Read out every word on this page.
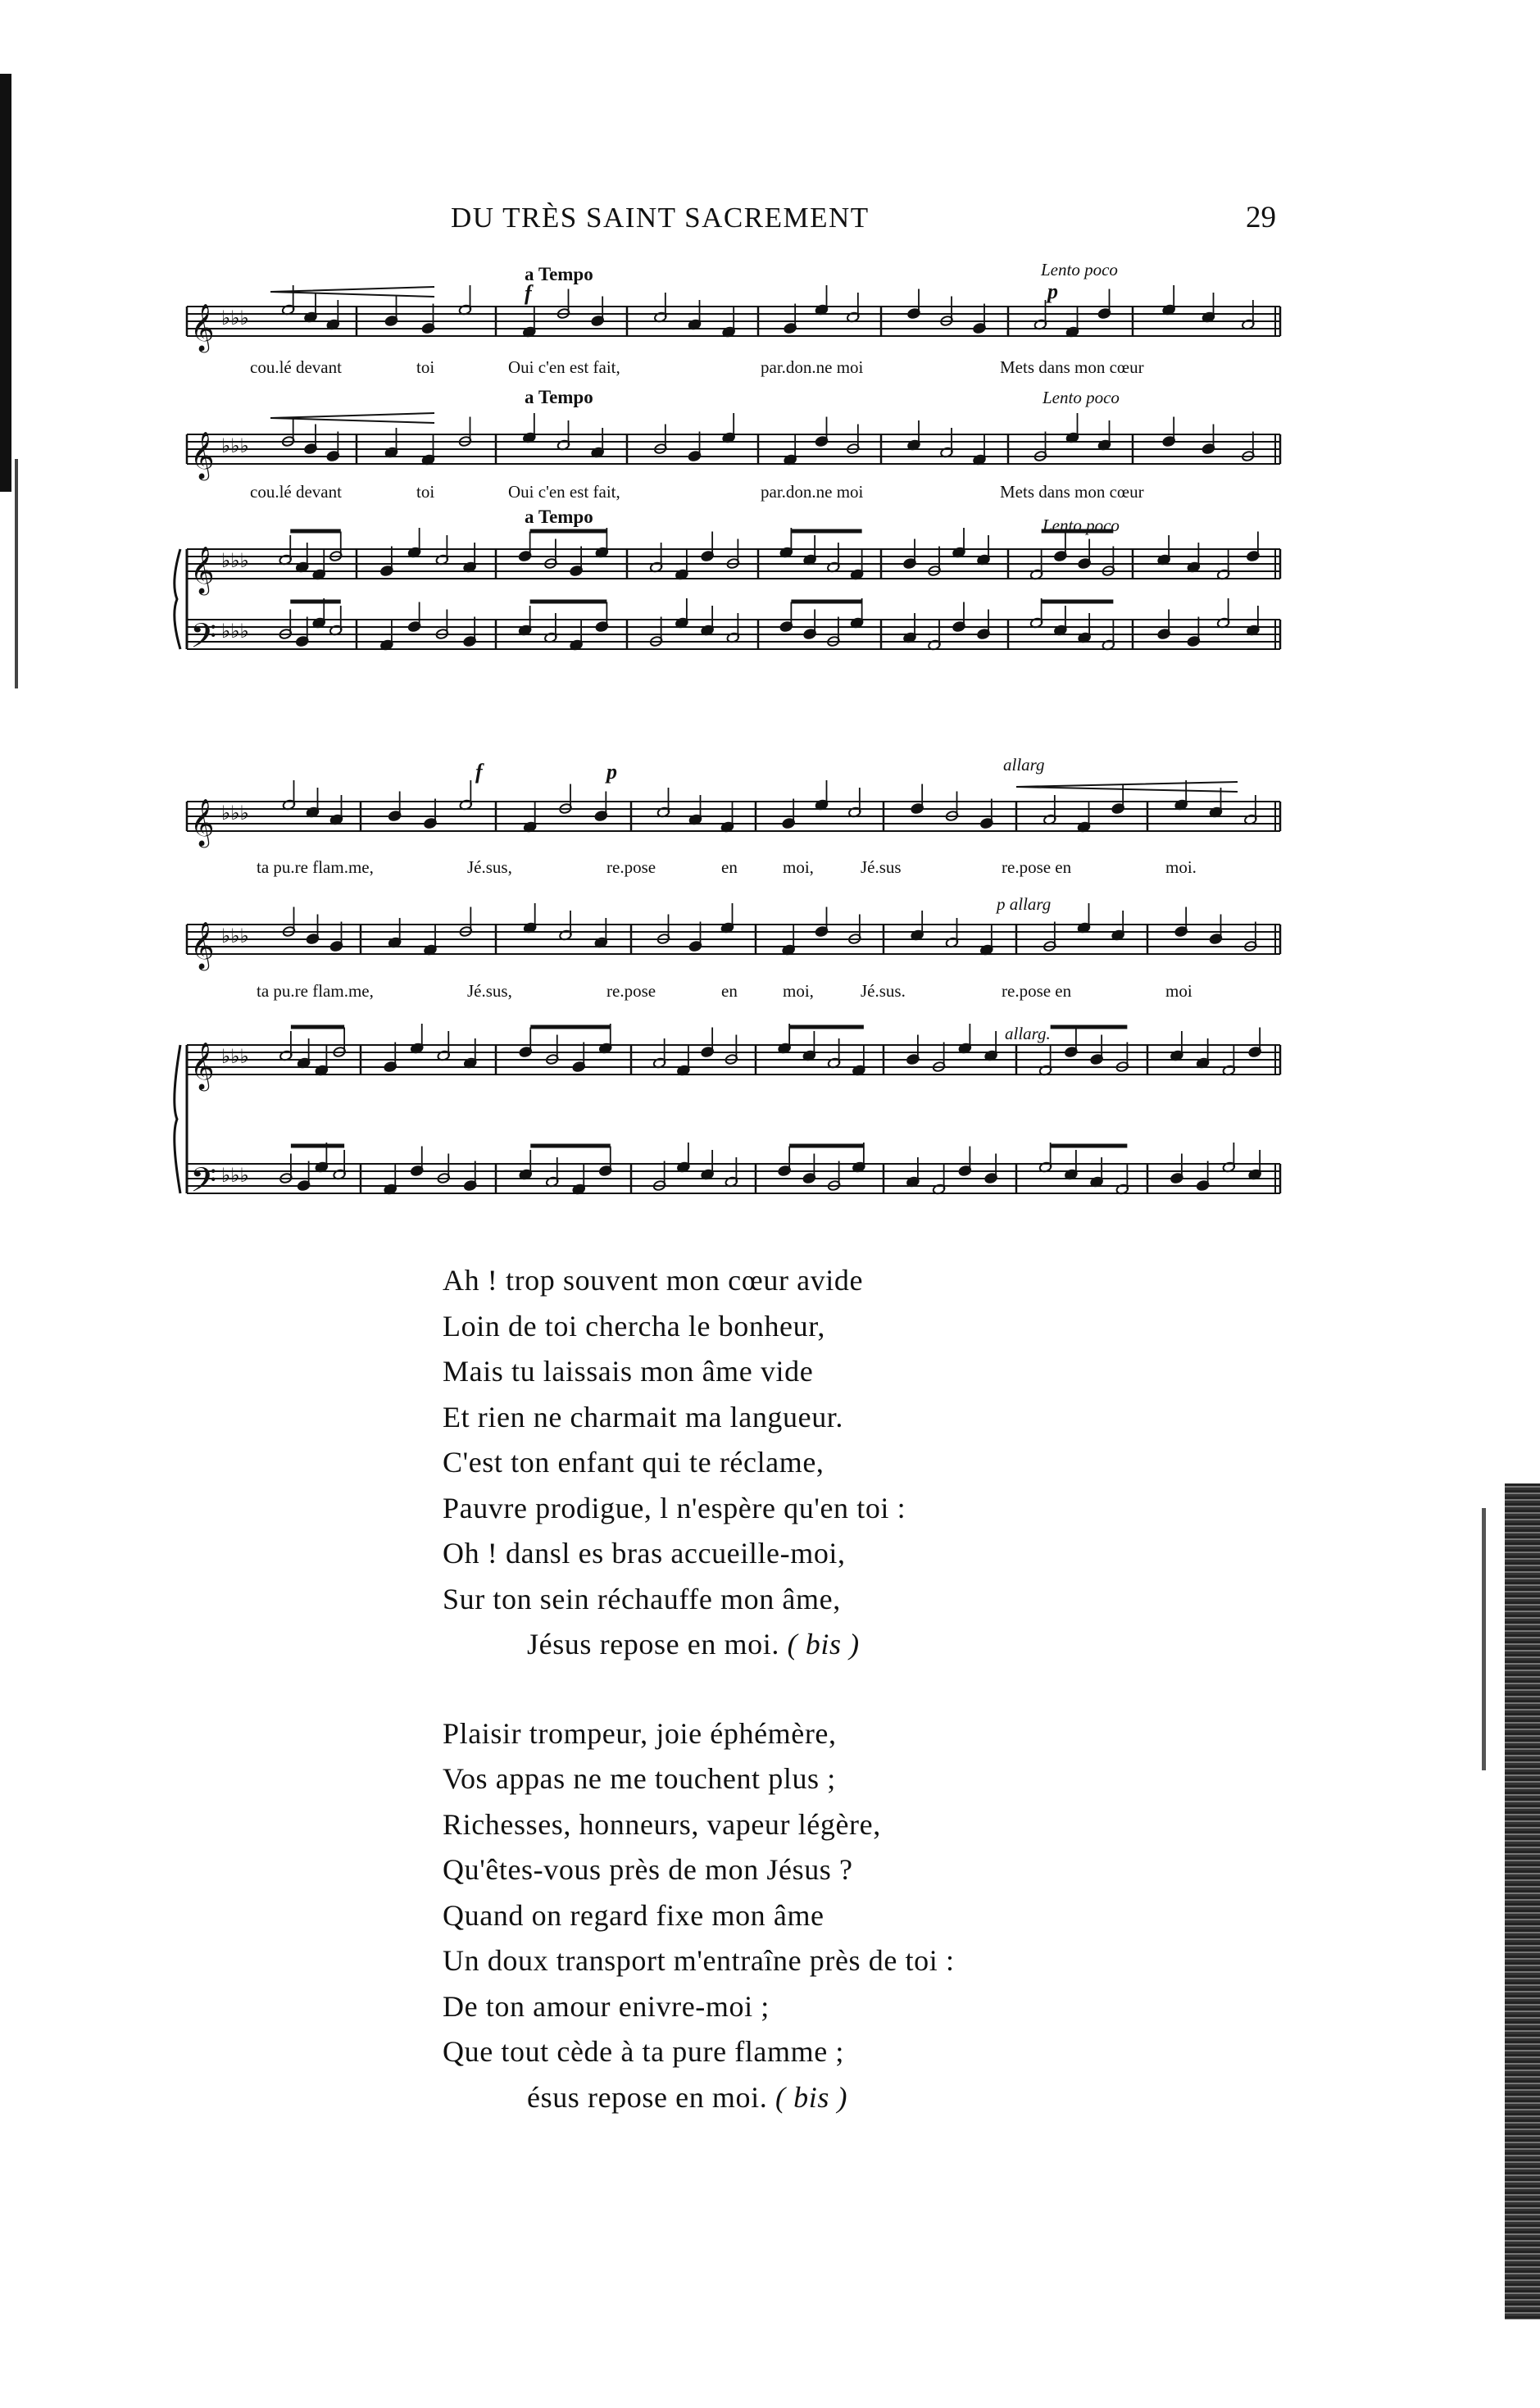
DU TRÈS SAINT SACREMENT	29
𝄞 ♭♭♭
𝄞 ♭♭♭
𝄞 ♭♭♭
𝄢 ♭♭♭
𝄞 ♭♭♭
𝄞 ♭♭♭
𝄞 ♭♭♭
𝄢 ♭♭♭
a Tempo	Lento poco
f	p
cou.lé devant	toi	Oui c'en est fait,	par.don.ne moi	Mets dans mon cœur
a Tempo	Lento poco
cou.lé devant	toi	Oui c'en est fait,	par.don.ne moi	Mets dans mon cœur
a Tempo	Lento poco
allarg
f	p
ta pu.re flam.me,	Jé.sus,	re.pose	en	moi,	Jé.sus	re.pose en	moi.
p allarg
ta pu.re flam.me,	Jé.sus,	re.pose	en	moi,	Jé.sus.	re.pose en	moi
allarg.
Ah ! trop souvent mon cœur avide
Loin de toi chercha le bonheur,
Mais tu laissais mon âme vide
Et rien ne charmait ma langueur.
C'est ton enfant qui te réclame,
Pauvre prodigue, l n'espère qu'en toi :
Oh ! dansl es bras accueille-moi,
Sur ton sein réchauffe mon âme,
Jésus repose en moi. ( bis )
Plaisir trompeur, joie éphémère,
Vos appas ne me touchent plus ;
Richesses, honneurs, vapeur légère,
Qu'êtes-vous près de mon Jésus ?
Quand on regard fixe mon âme
Un doux transport m'entraîne près de toi :
De ton amour enivre-moi ;
Que tout cède à ta pure flamme ;
ésus repose en moi. ( bis )
